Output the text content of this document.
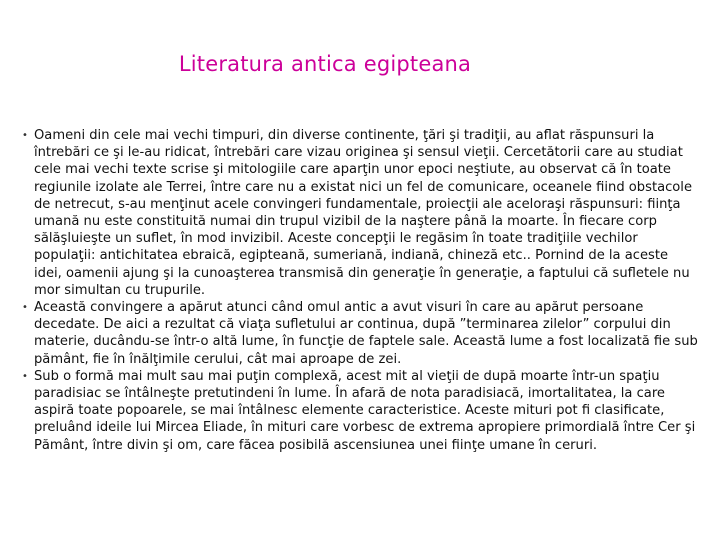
Literatura antica egipteana
• Oameni din cele mai vechi timpuri, din diverse continente, ţări şi tradiţii, au aflat răspunsuri la întrebări ce şi le-au ridicat, întrebări care vizau originea şi sensul vieţii. Cercetătorii care au studiat cele mai vechi texte scrise şi mitologiile care aparţin unor epoci neştiute, au observat că în toate regiunile izolate ale Terrei, între care nu a existat nici un fel de comunicare, oceanele fiind obstacole de netrecut, s-au menţinut acele convingeri fundamentale, proiecţii ale aceloraşi răspunsuri: fiinţa umană nu este constituită numai din trupul vizibil de la naştere până la moarte. În fiecare corp sălăşluieşte un suflet, în mod invizibil. Aceste concepţii le regăsim în toate tradiţiile vechilor populaţii: antichitatea ebraică, egipteană, sumeriană, indiană, chineză etc.. Pornind de la aceste idei, oamenii ajung şi la cunoaşterea transmisă din generaţie în generaţie, a faptului că sufletele nu mor simultan cu trupurile.
• Această convingere a apărut atunci când omul antic a avut visuri în care au apărut persoane decedate. De aici a rezultat că viaţa sufletului ar continua, după ”terminarea zilelor” corpului din materie, ducându-se într-o altă lume, în funcţie de faptele sale. Această lume a fost localizată fie sub pământ, fie în înălţimile cerului, cât mai aproape de zei.
• Sub o formă mai mult sau mai puţin complexă, acest mit al vieţii de după moarte într-un spaţiu paradisiac se întâlneşte pretutindeni în lume. În afară de nota paradisiacă, imortalitatea, la care aspiră toate popoarele, se mai întâlnesc elemente caracteristice. Aceste mituri pot fi clasificate, preluând ideile lui Mircea Eliade, în mituri care vorbesc de extrema apropiere primordială între Cer şi Pământ, între divin şi om, care făcea posibilă ascensiunea unei fiinţe umane în ceruri.
